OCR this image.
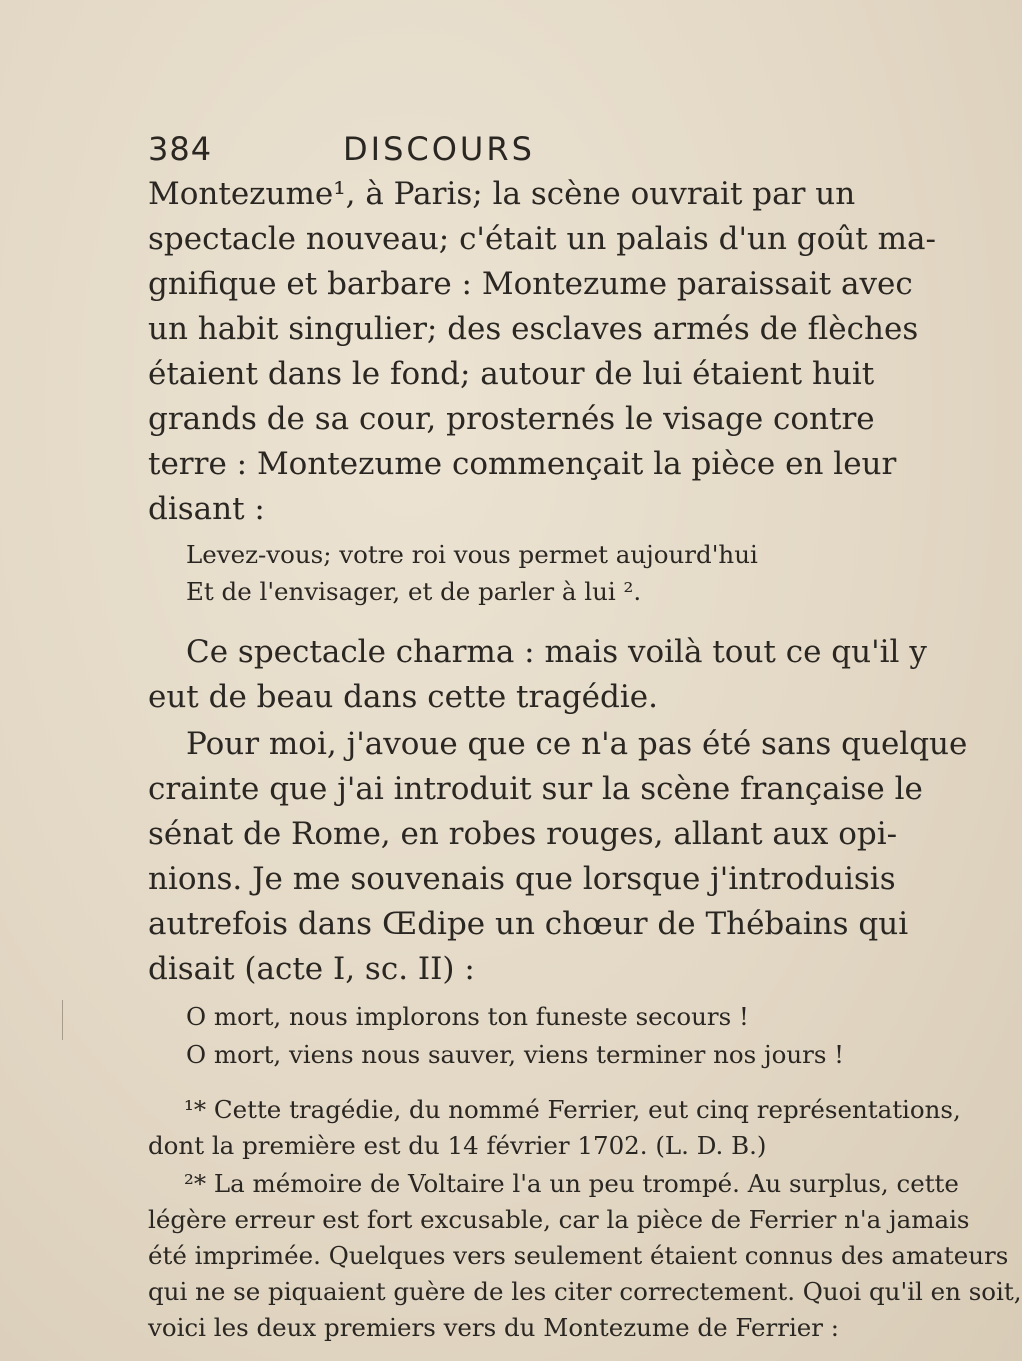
384	DISCOURS
Montezume¹, à Paris; la scène ouvrait par un
spectacle nouveau; c'était un palais d'un goût ma-
gnifique et barbare : Montezume paraissait avec
un habit singulier; des esclaves armés de flèches
étaient dans le fond; autour de lui étaient huit
grands de sa cour, prosternés le visage contre
terre : Montezume commençait la pièce en leur
disant :
Levez-vous; votre roi vous permet aujourd'hui
Et de l'envisager, et de parler à lui ².
Ce spectacle charma : mais voilà tout ce qu'il y
eut de beau dans cette tragédie.
Pour moi, j'avoue que ce n'a pas été sans quelque
crainte que j'ai introduit sur la scène française le
sénat de Rome, en robes rouges, allant aux opi-
nions. Je me souvenais que lorsque j'introduisis
autrefois dans Œdipe un chœur de Thébains qui
disait (acte I, sc. II) :
O mort, nous implorons ton funeste secours !
O mort, viens nous sauver, viens terminer nos jours !
¹* Cette tragédie, du nommé Ferrier, eut cinq représentations,
dont la première est du 14 février 1702. (L. D. B.)
²* La mémoire de Voltaire l'a un peu trompé. Au surplus, cette
légère erreur est fort excusable, car la pièce de Ferrier n'a jamais
été imprimée. Quelques vers seulement étaient connus des amateurs
qui ne se piquaient guère de les citer correctement. Quoi qu'il en soit,
voici les deux premiers vers du Montezume de Ferrier :
